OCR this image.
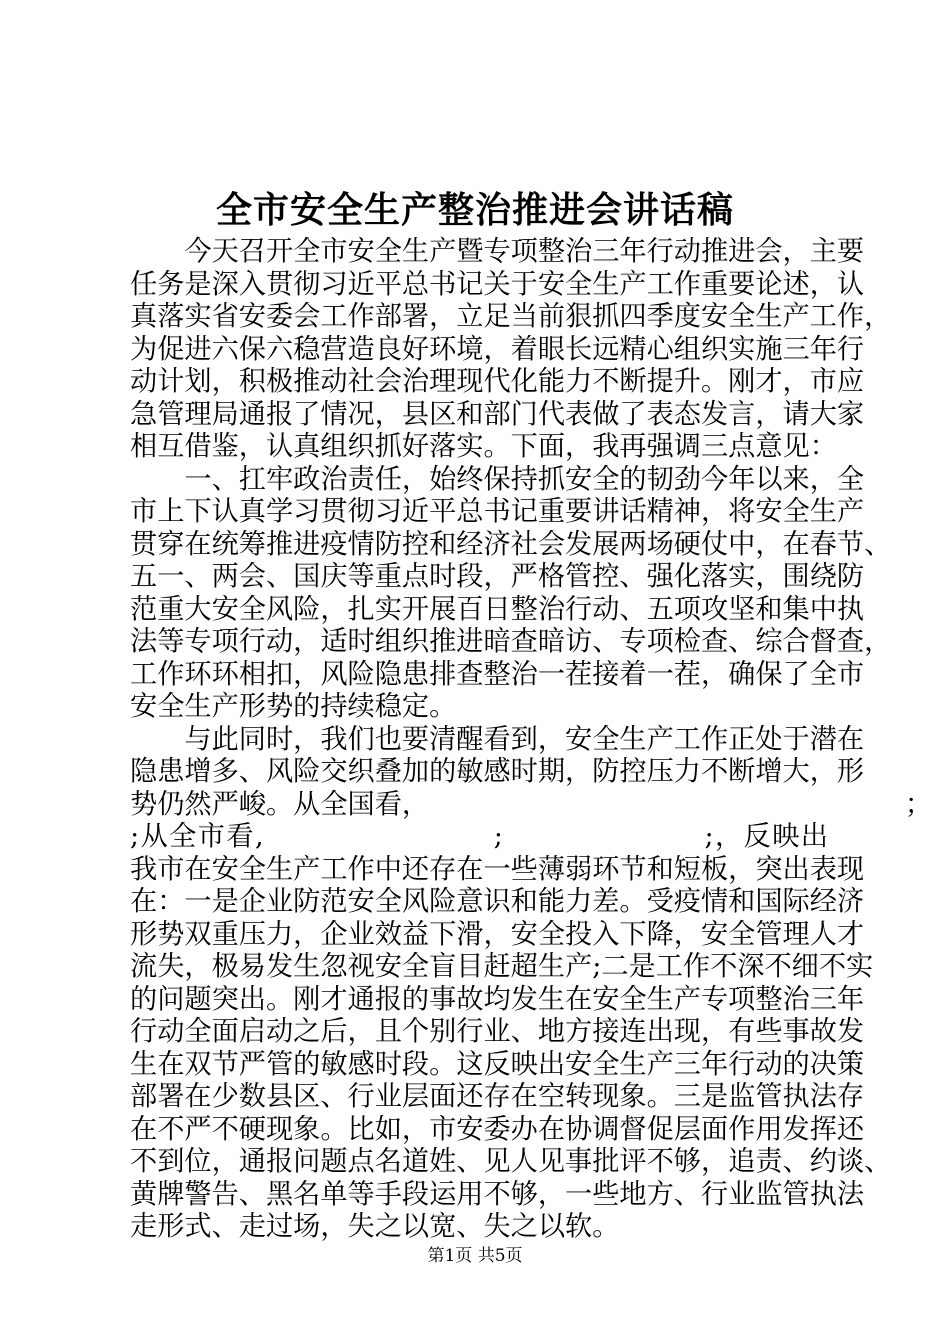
全市安全生产整治推进会讲话稿
　　今天召开全市安全生产暨专项整治三年行动推进会，主要
任务是深入贯彻习近平总书记关于安全生产工作重要论述，认
真落实省安委会工作部署，立足当前狠抓四季度安全生产工作，
为促进六保六稳营造良好环境，着眼长远精心组织实施三年行
动计划，积极推动社会治理现代化能力不断提升。刚才，市应
急管理局通报了情况，县区和部门代表做了表态发言，请大家
相互借鉴，认真组织抓好落实。下面，我再强调三点意见：
　　一、扛牢政治责任，始终保持抓安全的韧劲今年以来，全
市上下认真学习贯彻习近平总书记重要讲话精神，将安全生产
贯穿在统筹推进疫情防控和经济社会发展两场硬仗中，在春节、
五一、两会、国庆等重点时段，严格管控、强化落实，围绕防
范重大安全风险，扎实开展百日整治行动、五项攻坚和集中执
法等专项行动，适时组织推进暗查暗访、专项检查、综合督查，
工作环环相扣，风险隐患排查整治一茬接着一茬，确保了全市
安全生产形势的持续稳定。
　　与此同时，我们也要清醒看到，安全生产工作正处于潜在
隐患增多、风险交织叠加的敏感时期，防控压力不断增大，形
势仍然严峻。从全国看，　　　　　　　　　　　　　　　　　　；
;从全市看,　　　　　　　　;　　　　　　　;，反映出
我市在安全生产工作中还存在一些薄弱环节和短板，突出表现
在：一是企业防范安全风险意识和能力差。受疫情和国际经济
形势双重压力，企业效益下滑，安全投入下降，安全管理人才
流失，极易发生忽视安全盲目赶超生产;二是工作不深不细不实
的问题突出。刚才通报的事故均发生在安全生产专项整治三年
行动全面启动之后，且个别行业、地方接连出现，有些事故发
生在双节严管的敏感时段。这反映出安全生产三年行动的决策
部署在少数县区、行业层面还存在空转现象。三是监管执法存
在不严不硬现象。比如，市安委办在协调督促层面作用发挥还
不到位，通报问题点名道姓、见人见事批评不够，追责、约谈、
黄牌警告、黑名单等手段运用不够，一些地方、行业监管执法
走形式、走过场，失之以宽、失之以软。
第1页 共5页
